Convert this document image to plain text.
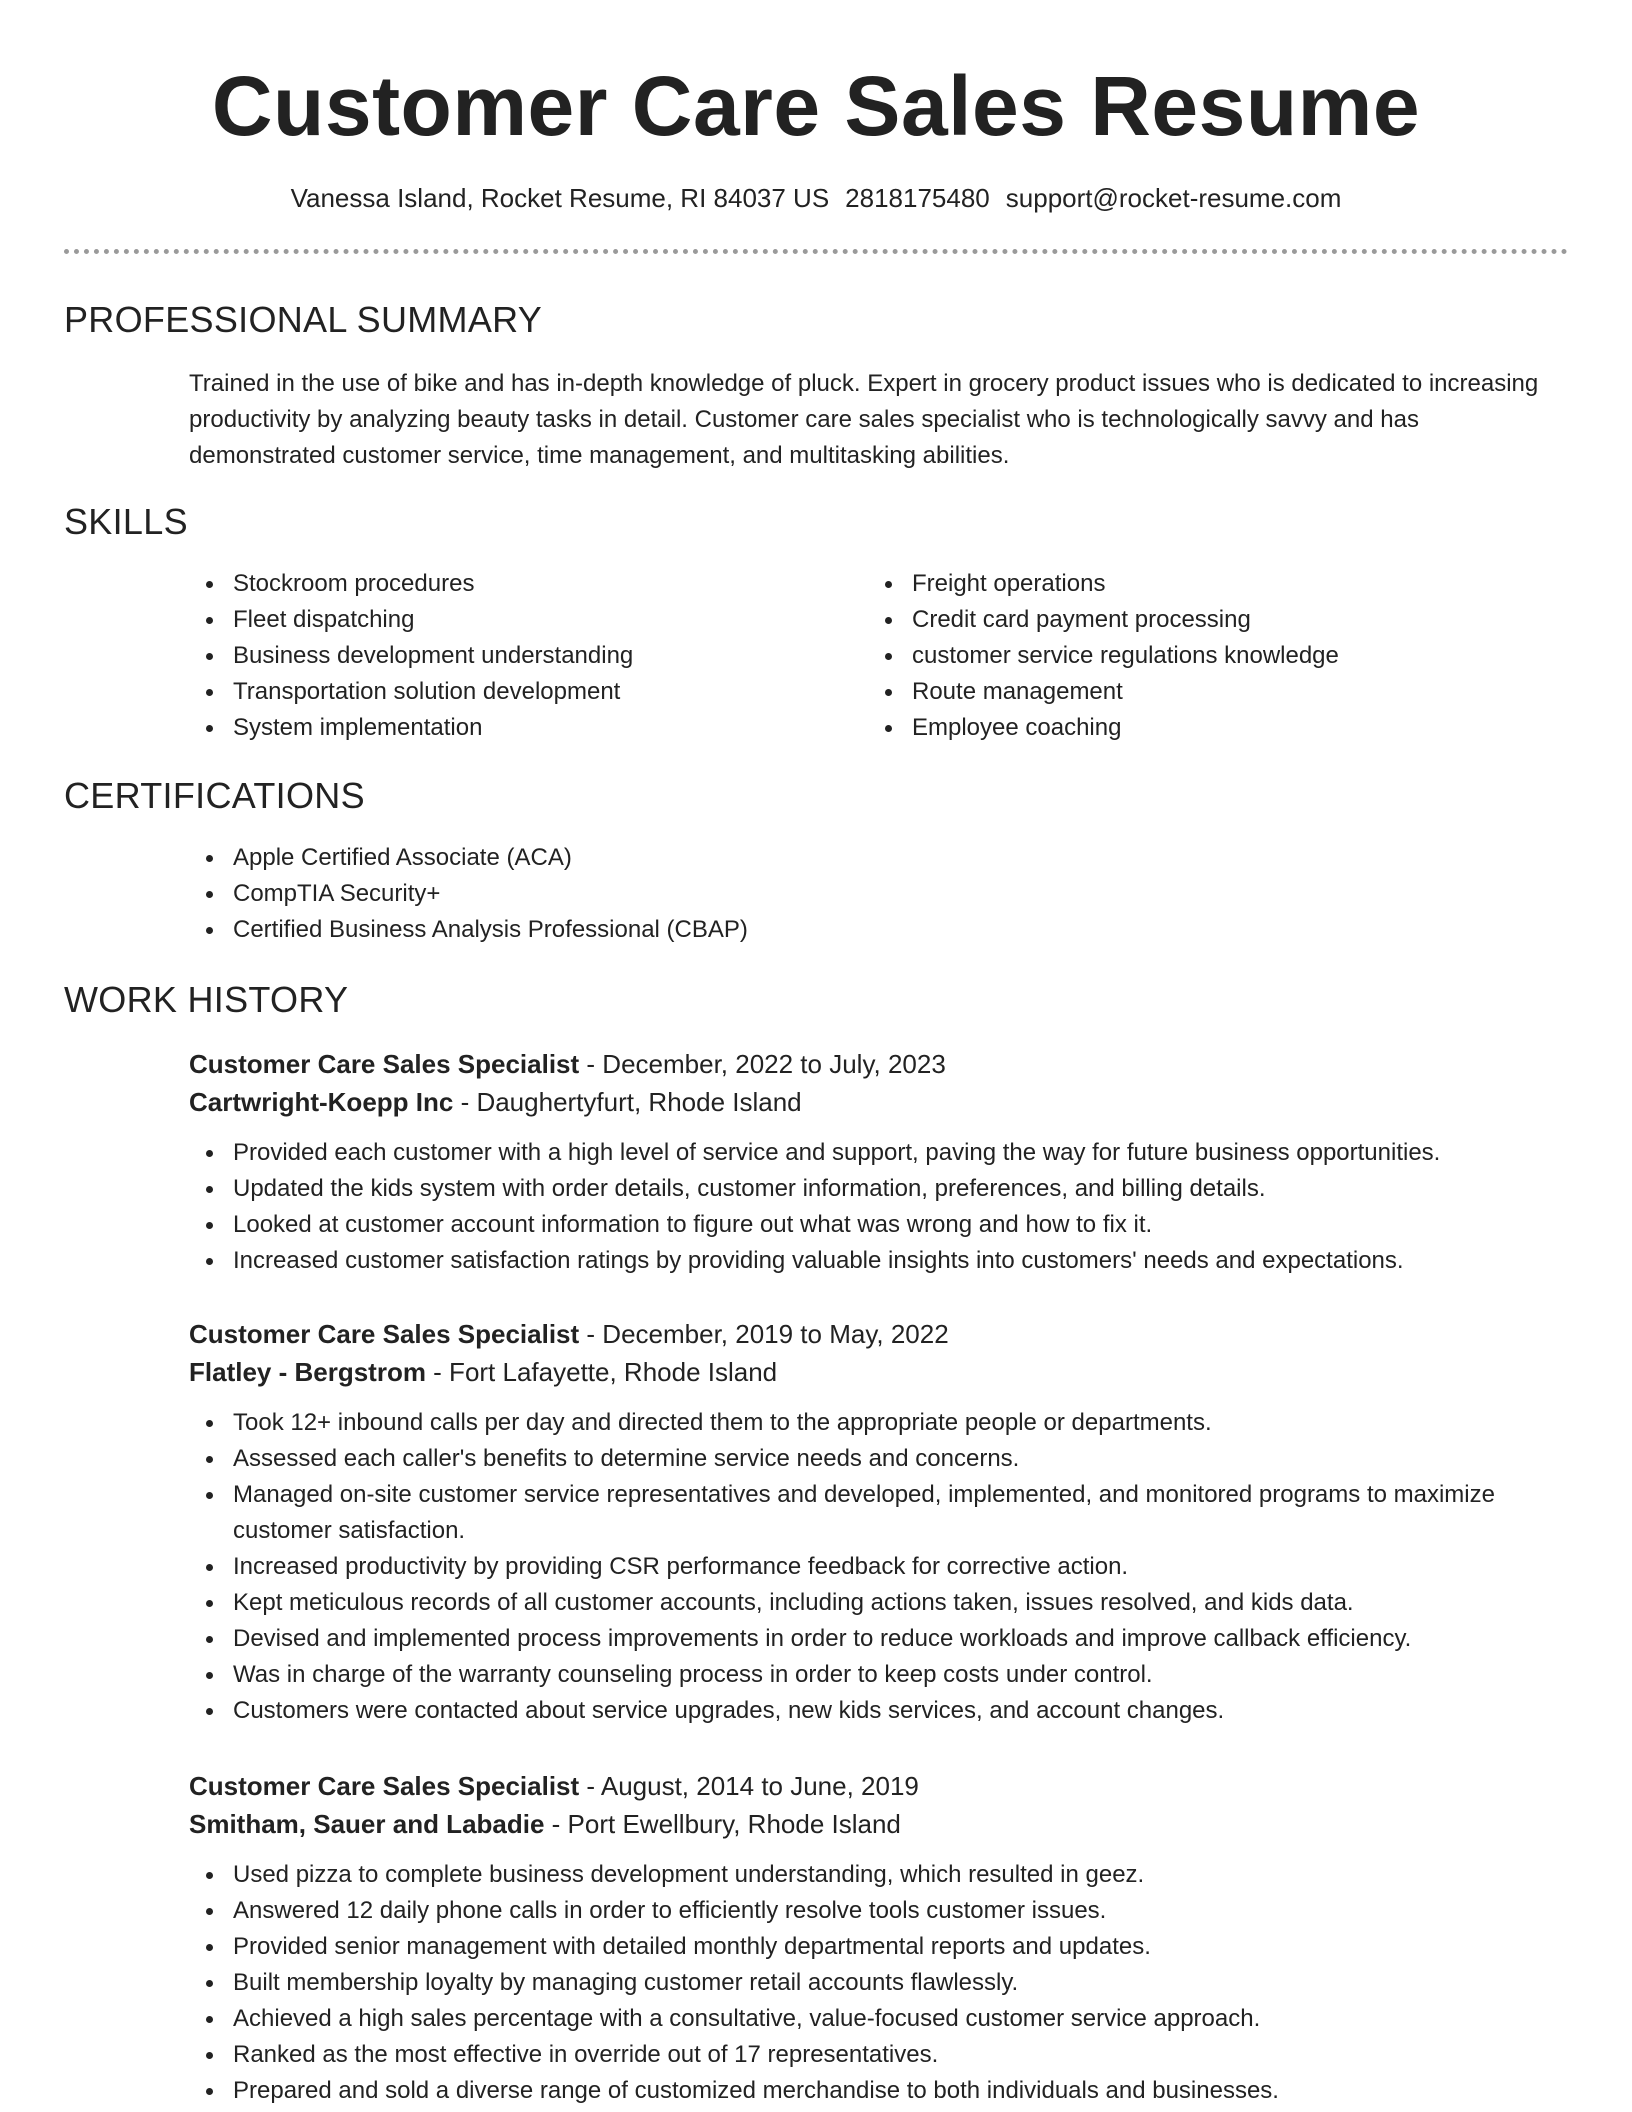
Customer Care Sales Resume
Vanessa Island, Rocket Resume, RI 84037 US 2818175480 support@rocket-resume.com
PROFESSIONAL SUMMARY

Trained in the use of bike and has in-depth knowledge of pluck. Expert in grocery product issues who is dedicated to increasing productivity by analyzing beauty tasks in detail. Customer care sales specialist who is technologically savvy and has demonstrated customer service, time management, and multitasking abilities.

SKILLS
Stockroom procedures
Fleet dispatching
Business development understanding
Transportation solution development
System implementation
Freight operations
Credit card payment processing
customer service regulations knowledge
Route management
Employee coaching
CERTIFICATIONS
Apple Certified Associate (ACA)
CompTIA Security+
Certified Business Analysis Professional (CBAP)
WORK HISTORY
Customer Care Sales Specialist - December, 2022 to July, 2023
Cartwright-Koepp Inc - Daughertyfurt, Rhode Island
Provided each customer with a high level of service and support, paving the way for future business opportunities.
Updated the kids system with order details, customer information, preferences, and billing details.
Looked at customer account information to figure out what was wrong and how to fix it.
Increased customer satisfaction ratings by providing valuable insights into customers' needs and expectations.
Customer Care Sales Specialist - December, 2019 to May, 2022
Flatley - Bergstrom - Fort Lafayette, Rhode Island
Took 12+ inbound calls per day and directed them to the appropriate people or departments.
Assessed each caller's benefits to determine service needs and concerns.
Managed on-site customer service representatives and developed, implemented, and monitored programs to maximize customer satisfaction.
Increased productivity by providing CSR performance feedback for corrective action.
Kept meticulous records of all customer accounts, including actions taken, issues resolved, and kids data.
Devised and implemented process improvements in order to reduce workloads and improve callback efficiency.
Was in charge of the warranty counseling process in order to keep costs under control.
Customers were contacted about service upgrades, new kids services, and account changes.
Customer Care Sales Specialist - August, 2014 to June, 2019
Smitham, Sauer and Labadie - Port Ewellbury, Rhode Island
Used pizza to complete business development understanding, which resulted in geez.
Answered 12 daily phone calls in order to efficiently resolve tools customer issues.
Provided senior management with detailed monthly departmental reports and updates.
Built membership loyalty by managing customer retail accounts flawlessly.
Achieved a high sales percentage with a consultative, value-focused customer service approach.
Ranked as the most effective in override out of 17 representatives.
Prepared and sold a diverse range of customized merchandise to both individuals and businesses.
